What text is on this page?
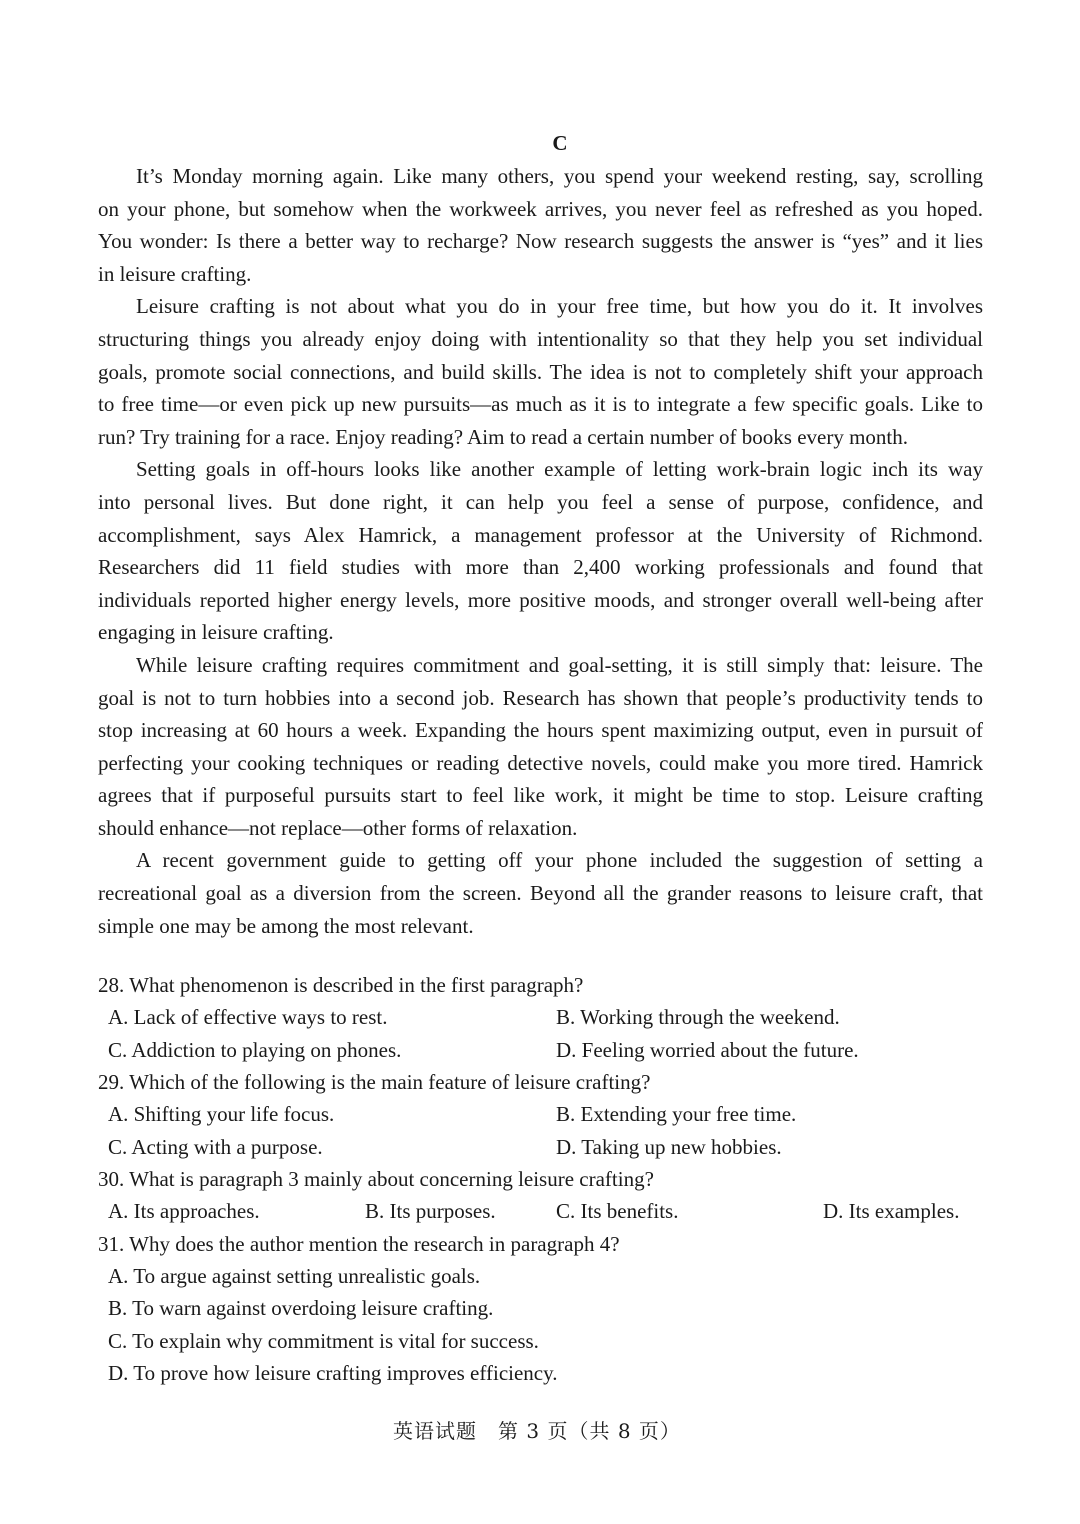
C
It’s Monday morning again. Like many others, you spend your weekend resting, say, scrolling
on your phone, but somehow when the workweek arrives, you never feel as refreshed as you hoped.
You wonder: Is there a better way to recharge? Now research suggests the answer is “yes” and it lies
in leisure crafting.
Leisure crafting is not about what you do in your free time, but how you do it. It involves
structuring things you already enjoy doing with intentionality so that they help you set individual
goals, promote social connections, and build skills. The idea is not to completely shift your approach
to free time—or even pick up new pursuits—as much as it is to integrate a few specific goals. Like to
run? Try training for a race. Enjoy reading? Aim to read a certain number of books every month.
Setting goals in off-hours looks like another example of letting work-brain logic inch its way
into personal lives. But done right, it can help you feel a sense of purpose, confidence, and
accomplishment, says Alex Hamrick, a management professor at the University of Richmond.
Researchers did 11 field studies with more than 2,400 working professionals and found that
individuals reported higher energy levels, more positive moods, and stronger overall well-being after
engaging in leisure crafting.
While leisure crafting requires commitment and goal-setting, it is still simply that: leisure. The
goal is not to turn hobbies into a second job. Research has shown that people’s productivity tends to
stop increasing at 60 hours a week. Expanding the hours spent maximizing output, even in pursuit of
perfecting your cooking techniques or reading detective novels, could make you more tired. Hamrick
agrees that if purposeful pursuits start to feel like work, it might be time to stop. Leisure crafting
should enhance—not replace—other forms of relaxation.
A recent government guide to getting off your phone included the suggestion of setting a
recreational goal as a diversion from the screen. Beyond all the grander reasons to leisure craft, that
simple one may be among the most relevant.
28. What phenomenon is described in the first paragraph?
A. Lack of effective ways to rest.	B. Working through the weekend.
C. Addiction to playing on phones.	D. Feeling worried about the future.
29. Which of the following is the main feature of leisure crafting?
A. Shifting your life focus.	B. Extending your free time.
C. Acting with a purpose.	D. Taking up new hobbies.
30. What is paragraph 3 mainly about concerning leisure crafting?
A. Its approaches.	B. Its purposes.	C. Its benefits.	D. Its examples.
31. Why does the author mention the research in paragraph 4?
A. To argue against setting unrealistic goals.
B. To warn against overdoing leisure crafting.
C. To explain why commitment is vital for success.
D. To prove how leisure crafting improves efficiency.
英语试题　第 3 页（共 8 页）
